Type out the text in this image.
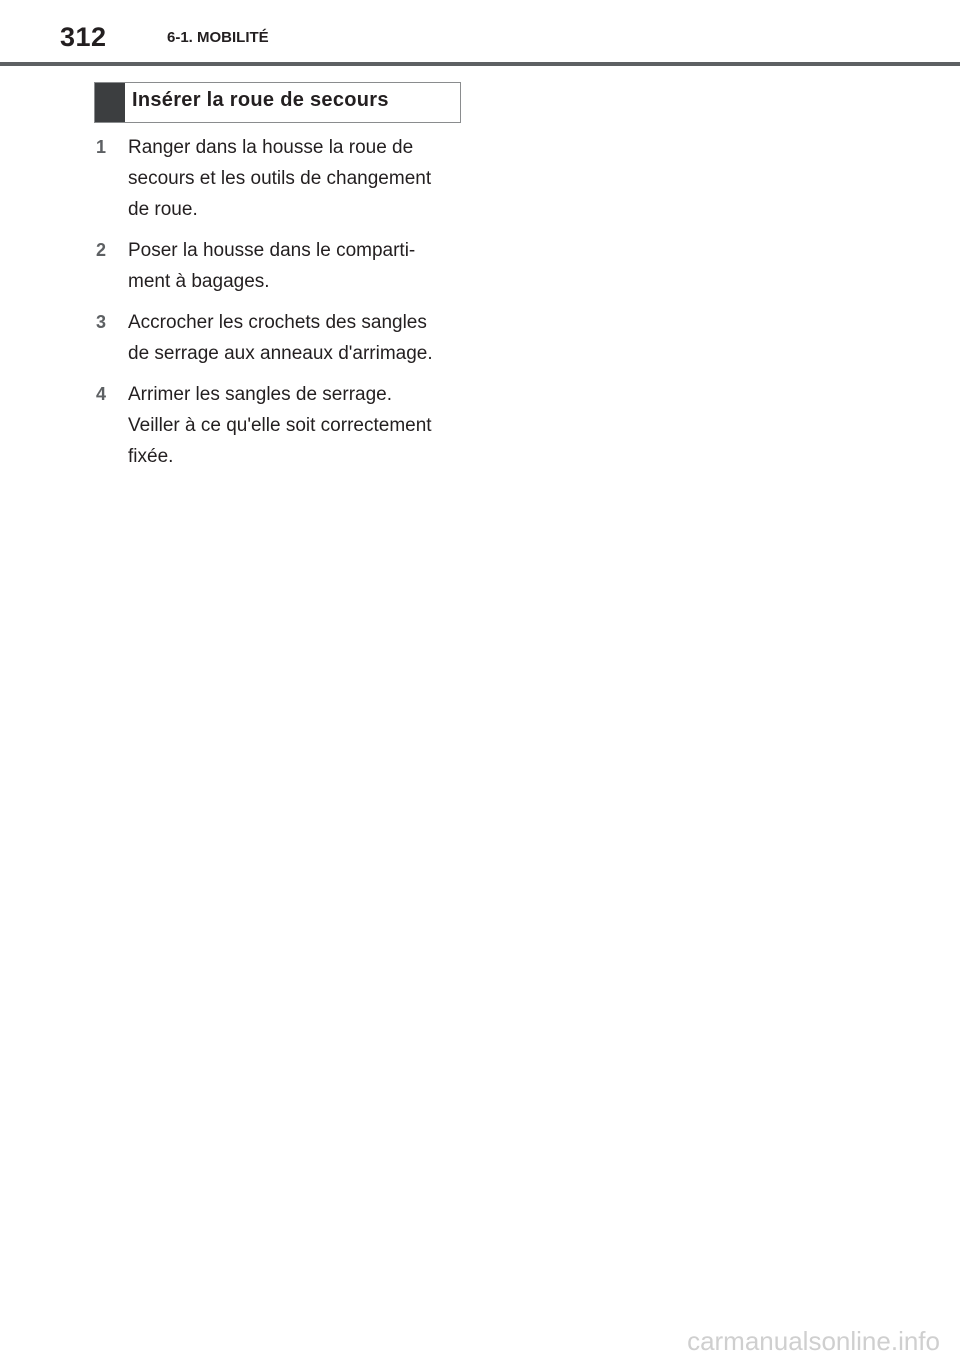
312	6-1. MOBILITÉ
Insérer la roue de secours
1	Ranger dans la housse la roue de
secours et les outils de changement
de roue.
2	Poser la housse dans le comparti-
ment à bagages.
3	Accrocher les crochets des sangles
de serrage aux anneaux d'arrimage.
4	Arrimer les sangles de serrage.
Veiller à ce qu'elle soit correctement
fixée.
carmanualsonline.info
